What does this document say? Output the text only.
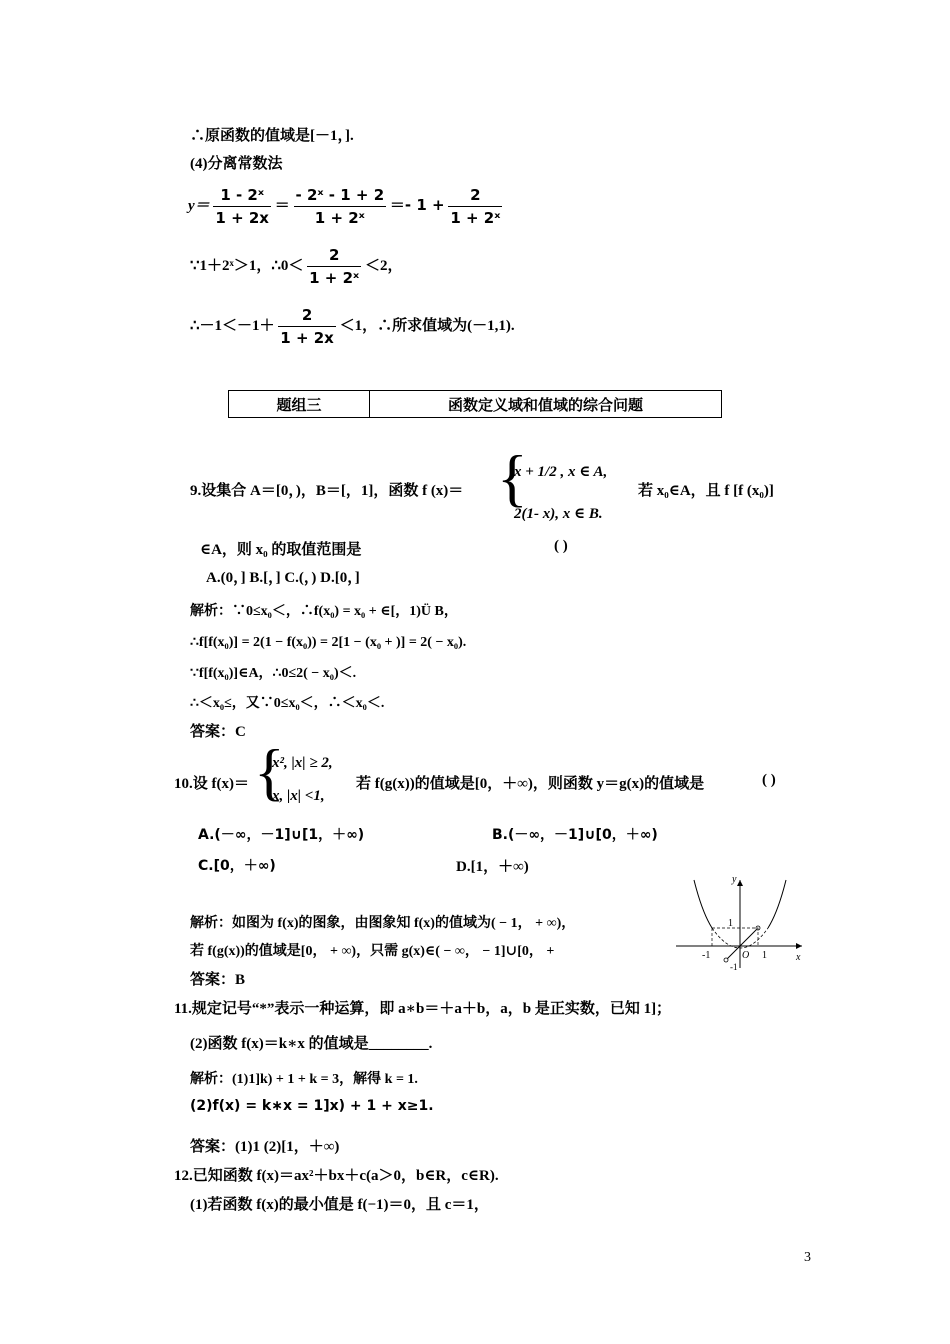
∴原函数的值域是[－1，].
(4)分离常数法
$y= \frac{\text{1 - 2ˣ}}{1 + 2x} = \frac{\text{- 2ˣ - 1 + 2}}{\text{1 + 2ˣ}} =- 1 + \frac{2}{\text{1 + 2ˣ}}$
∵1＋2ˣ＞1，∴0＜ $\frac{2}{\text{1 + 2ˣ}} <2$，
∴－1＜－1＋ $\frac{2}{1 + 2x} <1$，∴所求值域为(－1,1).
题组三	函数定义域和值域的综合问题
9.设集合 A＝[0，)，B＝[，1]，函数 f (x)＝ {
x + 1/2 , x ∈ A,
2(1- x), x ∈ B.
若 x₀∈A，且 f [f (x₀)]
∈A，则 x₀ 的取值范围是	( )
A.(0，] B.[，] C.(，) D.[0，]
解析：∵0≤x₀＜，∴f(x₀) = x₀ + ∈[，1)Ü B，
∴f[f(x₀)] = 2(1 − f(x₀)) = 2[1 − (x₀ + )] = 2( − x₀).
∵f[f(x₀)]∈A，∴0≤2( − x₀)＜.
∴＜x₀≤，又∵0≤x₀＜，∴＜x₀＜.
答案：C
10.设 f(x)＝ {
x², |x| ≥ 2,
x, |x| <1,
若 f(g(x))的值域是[0，＋∞)，则函数 y＝g(x)的值域是	( )
A.(－∞，－1]∪[1，＋∞)	B.(－∞，－1]∪[0，＋∞)
C.[0，＋∞)	D.[1，＋∞)
解析：如图为 f(x)的图象，由图象知 f(x)的值域为( − 1， + ∞)，
若 f(g(x))的值域是[0， + ∞)，只需 g(x)∈( − ∞， − 1]∪[0， +
答案：B
y
x
1
-1	O 1
-1
11.规定记号“*”表示一种运算，即 a∗b＝＋a＋b，a，b 是正实数，已知 1]；
(2)函数 f(x)＝k∗x 的值域是________.
解析：(1)1]k) + 1 + k = 3，解得 k = 1.
(2)f(x) = k∗x = 1]x) + 1 + x≥1.
答案：(1)1 (2)[1，＋∞)
12.已知函数 f(x)＝ax²＋bx＋c(a＞0，b∈R，c∈R).
(1)若函数 f(x)的最小值是 f(−1)＝0，且 c＝1，
3
